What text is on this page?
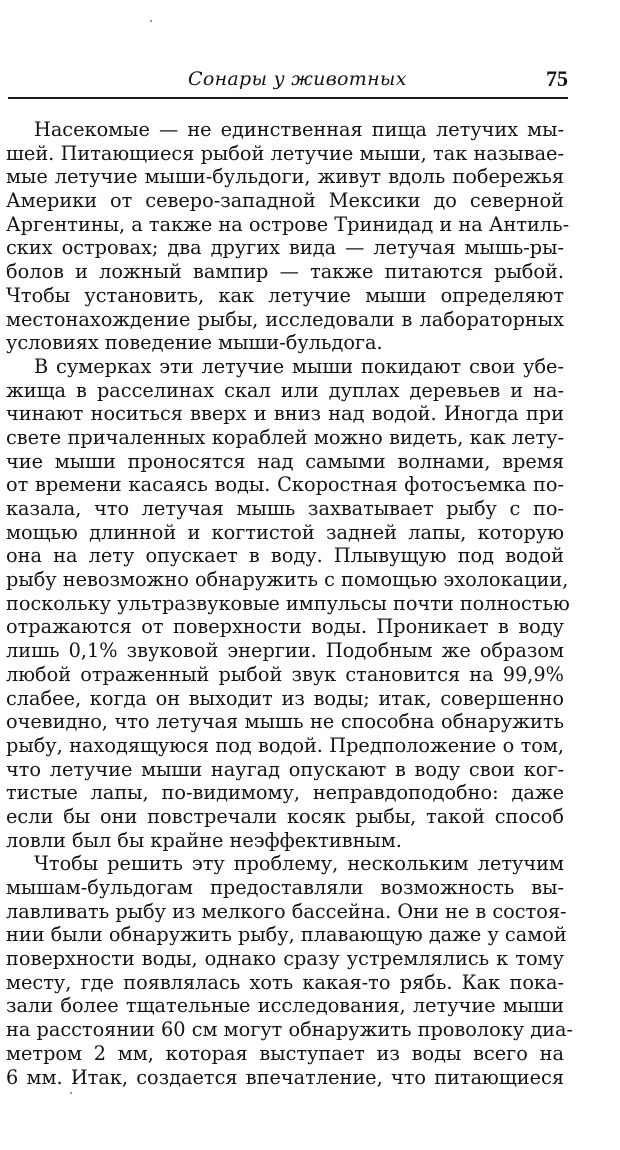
Сонары у животных	75
Насекомые — не единственная пища летучих мы-
шей. Питающиеся рыбой летучие мыши, так называе-
мые летучие мыши-бульдоги, живут вдоль побережья
Америки от северо-западной Мексики до северной
Аргентины, а также на острове Тринидад и на Антиль-
ских островах; два других вида — летучая мышь-ры-
болов и ложный вампир — также питаются рыбой.
Чтобы установить, как летучие мыши определяют
местонахождение рыбы, исследовали в лабораторных
условиях поведение мыши-бульдога.
В сумерках эти летучие мыши покидают свои убе-
жища в расселинах скал или дуплах деревьев и на-
чинают носиться вверх и вниз над водой. Иногда при
свете причаленных кораблей можно видеть, как лету-
чие мыши проносятся над самыми волнами, время
от времени касаясь воды. Скоростная фотосъемка по-
казала, что летучая мышь захватывает рыбу с по-
мощью длинной и когтистой задней лапы, которую
она на лету опускает в воду. Плывущую под водой
рыбу невозможно обнаружить с помощью эхолокации,
поскольку ультразвуковые импульсы почти полностью
отражаются от поверхности воды. Проникает в воду
лишь 0,1% звуковой энергии. Подобным же образом
любой отраженный рыбой звук становится на 99,9%
слабее, когда он выходит из воды; итак, совершенно
очевидно, что летучая мышь не способна обнаружить
рыбу, находящуюся под водой. Предположение о том,
что летучие мыши наугад опускают в воду свои ког-
тистые лапы, по-видимому, неправдоподобно: даже
если бы они повстречали косяк рыбы, такой способ
ловли был бы крайне неэффективным.
Чтобы решить эту проблему, нескольким летучим
мышам-бульдогам предоставляли возможность вы-
лавливать рыбу из мелкого бассейна. Они не в состоя-
нии были обнаружить рыбу, плавающую даже у самой
поверхности воды, однако сразу устремлялись к тому
месту, где появлялась хоть какая-то рябь. Как пока-
зали более тщательные исследования, летучие мыши
на расстоянии 60 см могут обнаружить проволоку диа-
метром 2 мм, которая выступает из воды всего на
6 мм. Итак, создается впечатление, что питающиеся
